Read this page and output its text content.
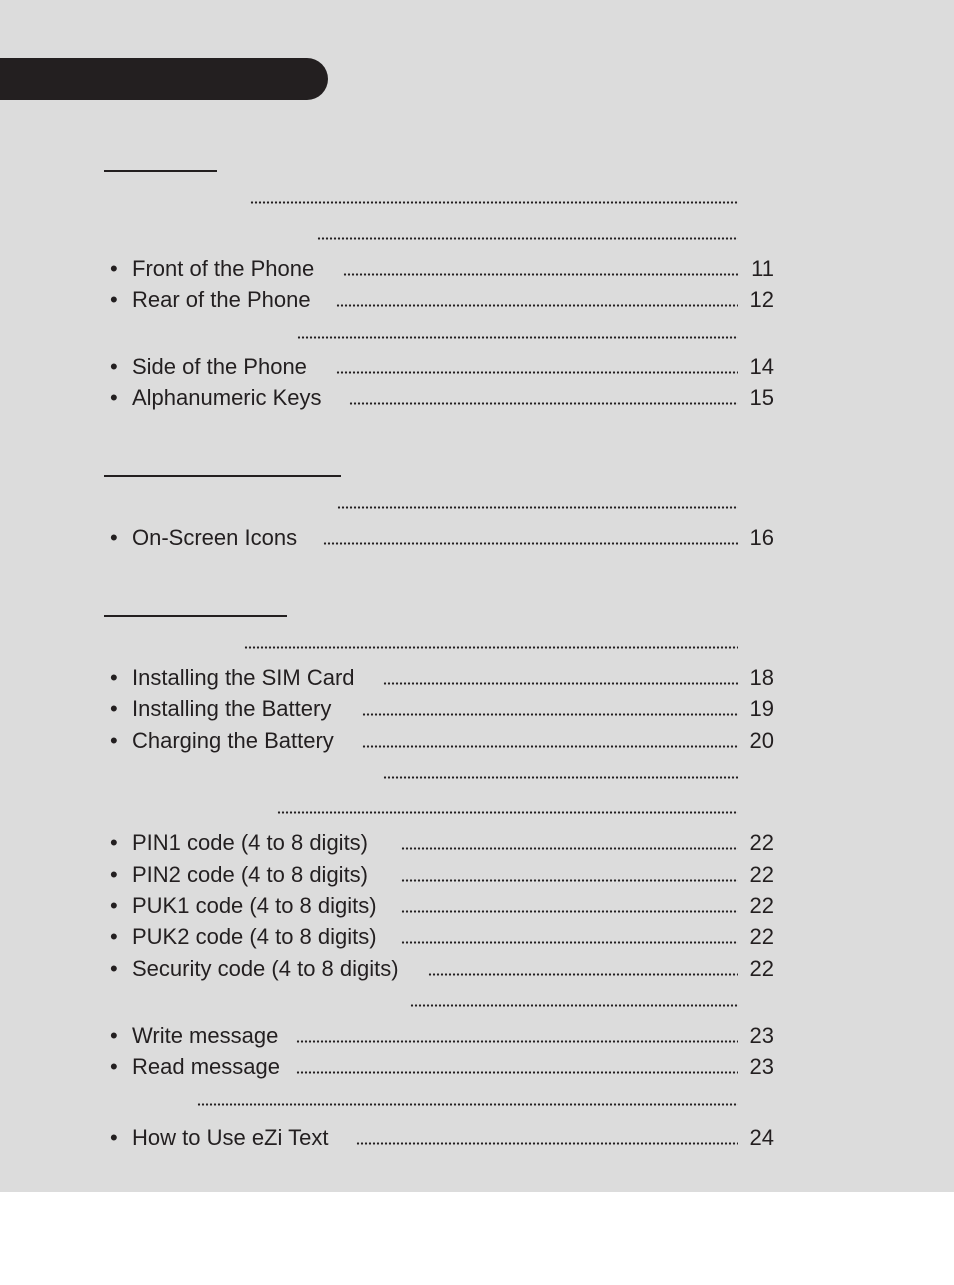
• Front of the Phone	11
• Rear of the Phone	12
• Side of the Phone	14
• Alphanumeric Keys	15
• On-Screen Icons	16
• Installing the SIM Card	18
• Installing the Battery	19
• Charging the Battery	20
• PIN1 code (4 to 8 digits)	22
• PIN2 code (4 to 8 digits)	22
• PUK1 code (4 to 8 digits)	22
• PUK2 code (4 to 8 digits)	22
• Security code (4 to 8 digits)	22
• Write message	23
• Read message	23
• How to Use eZi Text	24
